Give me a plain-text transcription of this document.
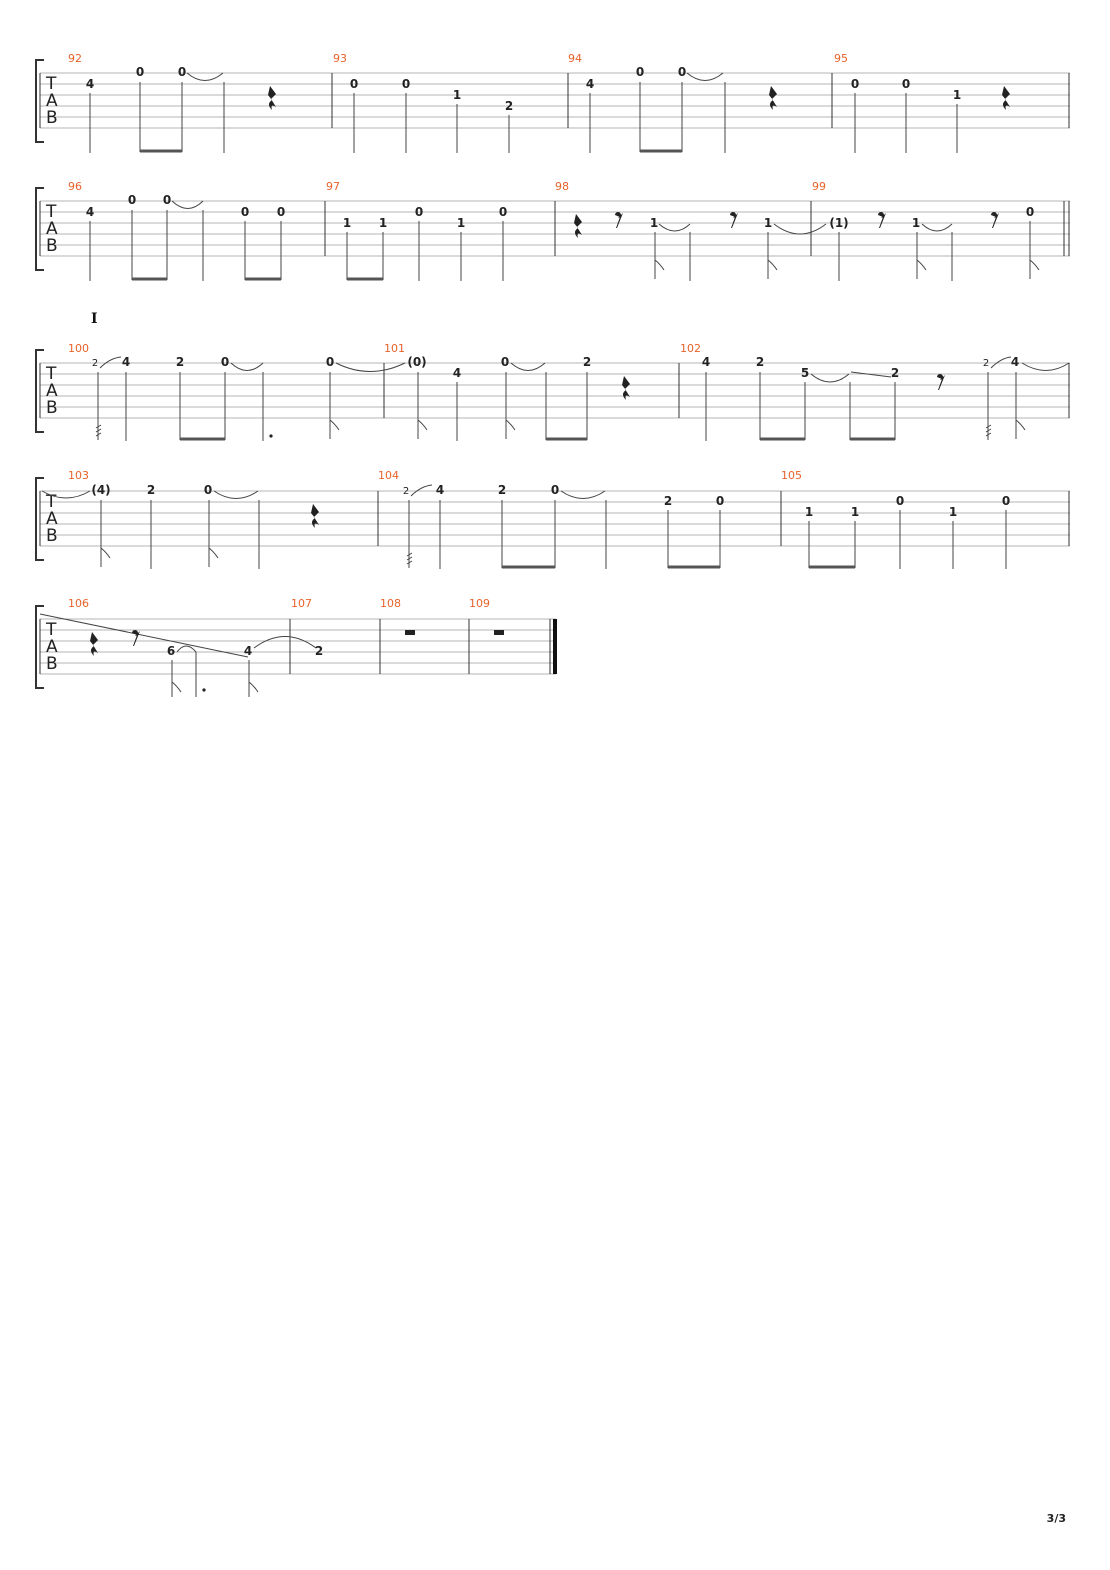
T
A
B
92
4
0	0
93
0	0
1
2
94
4
0	0
95
0	0
1
T
A
B
96
4
0 0
0 0
97
1 1
0
1
0
98
1	1
99
(1)	1
0
I
T
A
B
100
2 4	2	0	0
101
(0)
4
0	2
102
4	2
5	2
2 4
T
A
B
103
(4)	2	0
104
2 4	2	0
2	0
105
1	1
0
1
0
T
A
B
106
6	4
107
2
108	109
3/3
